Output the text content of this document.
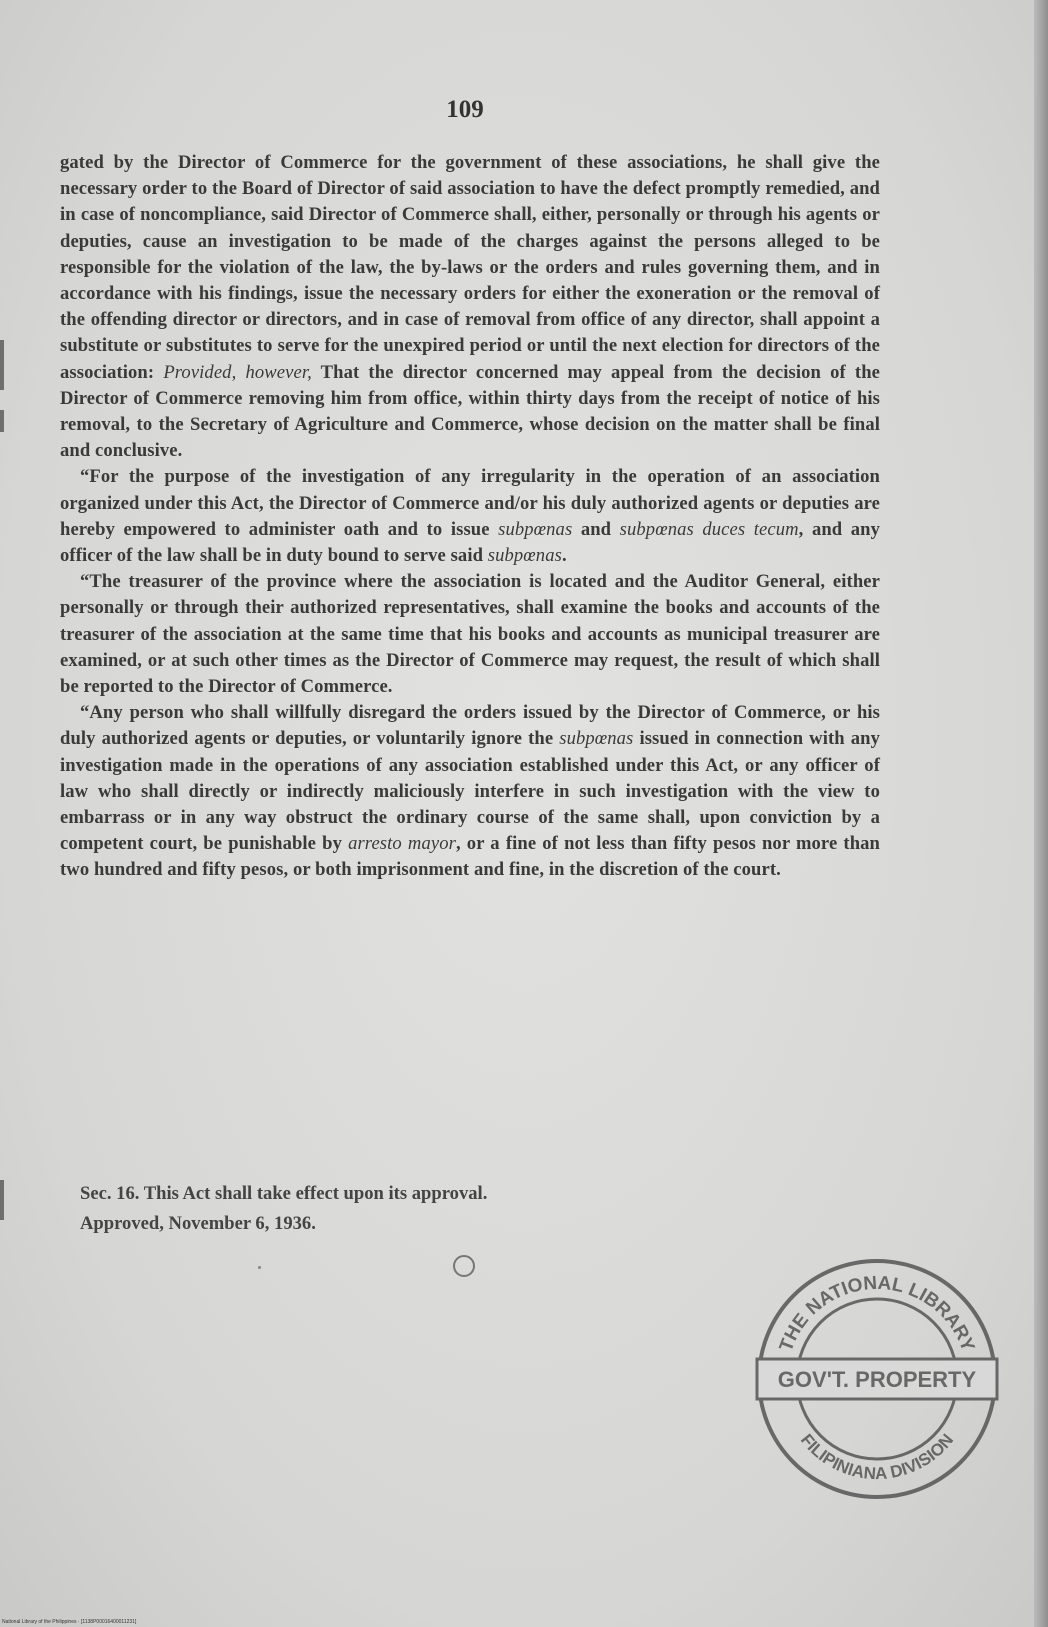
109

gated by the Director of Commerce for the government of these associations, he shall give the necessary order to the Board of Director of said association to have the defect promptly remedied, and in case of noncompliance, said Director of Commerce shall, either, personally or through his agents or deputies, cause an investigation to be made of the charges against the persons alleged to be responsible for the violation of the law, the by-laws or the orders and rules governing them, and in accordance with his findings, issue the necessary orders for either the exoneration or the removal of the offending director or directors, and in case of removal from office of any director, shall appoint a substitute or substitutes to serve for the unexpired period or until the next election for directors of the association: Provided, however, That the director concerned may appeal from the decision of the Director of Commerce removing him from office, within thirty days from the receipt of notice of his removal, to the Secretary of Agriculture and Commerce, whose decision on the matter shall be final and conclusive.

“For the purpose of the investigation of any irregularity in the operation of an association organized under this Act, the Director of Commerce and/or his duly authorized agents or deputies are hereby empowered to administer oath and to issue subpœnas and subpœnas duces tecum, and any officer of the law shall be in duty bound to serve said subpœnas.

“The treasurer of the province where the association is located and the Auditor General, either personally or through their authorized representatives, shall examine the books and accounts of the treasurer of the association at the same time that his books and accounts as municipal treasurer are examined, or at such other times as the Director of Commerce may request, the result of which shall be reported to the Director of Commerce.

“Any person who shall willfully disregard the orders issued by the Director of Commerce, or his duly authorized agents or deputies, or voluntarily ignore the subpœnas issued in connection with any investigation made in the operations of any association established under this Act, or any officer of law who shall directly or indirectly maliciously interfere in such investigation with the view to embarrass or in any way obstruct the ordinary course of the same shall, upon conviction by a competent court, be punishable by arresto mayor, or a fine of not less than fifty pesos nor more than two hundred and fifty pesos, or both imprisonment and fine, in the discretion of the court.

Sec. 16. This Act shall take effect upon its approval.
Approved, November 6, 1936.
THE NATIONAL LIBRARY
FILIPINIANA DIVISION
GOV'T. PROPERTY
National Library of the Philippines · [1138P00016400011231]
